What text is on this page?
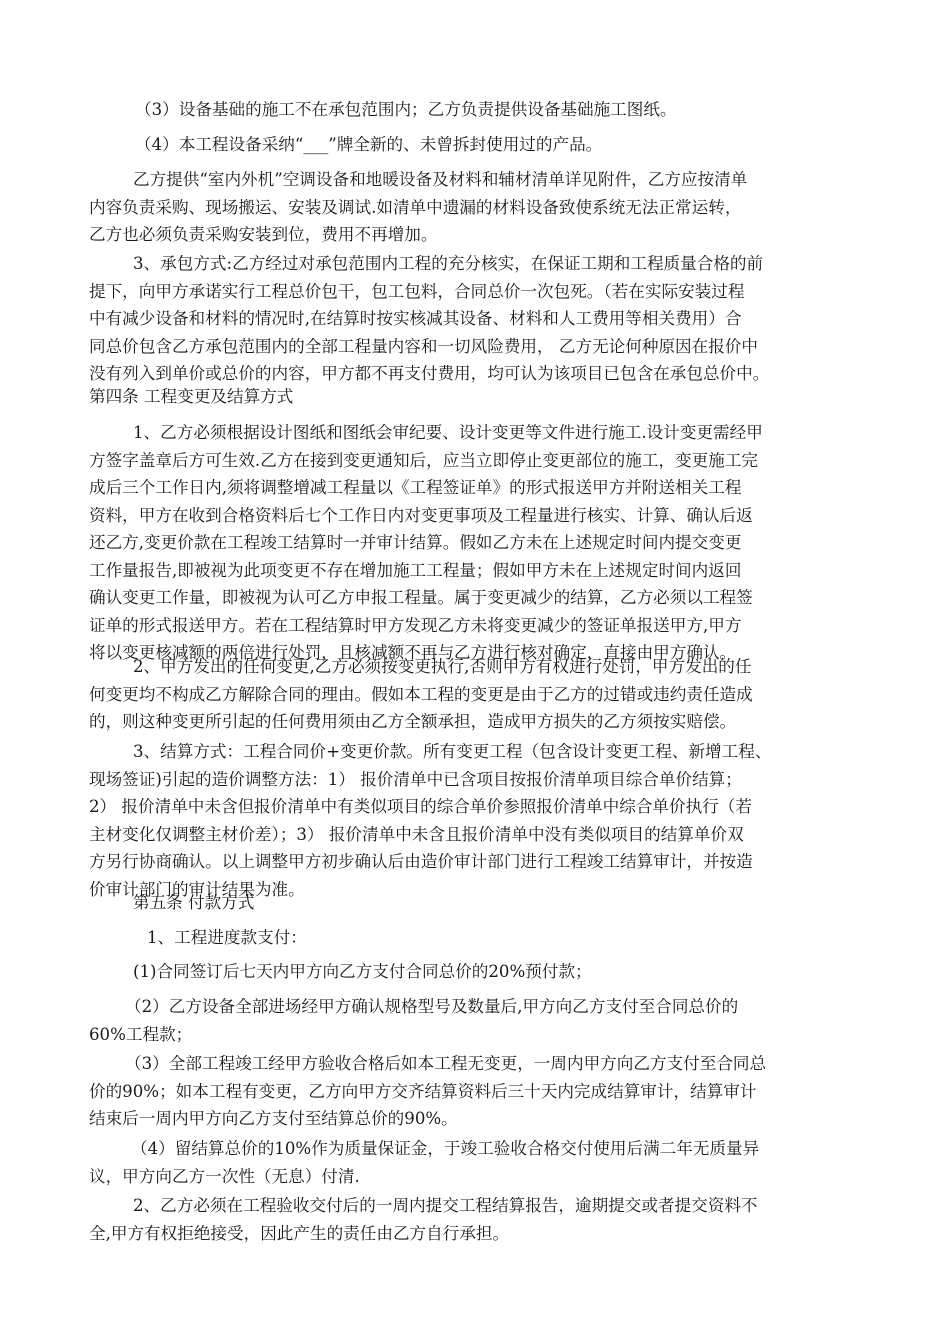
（3）设备基础的施工不在承包范围内；乙方负责提供设备基础施工图纸。
（4）本工程设备采纳“___”牌全新的、未曾拆封使用过的产品。
乙方提供“室内外机”空调设备和地暖设备及材料和辅材清单详见附件，乙方应按清单
内容负责采购、现场搬运、安装及调试.如清单中遗漏的材料设备致使系统无法正常运转，
乙方也必须负责采购安装到位，费用不再增加。
3、承包方式:乙方经过对承包范围内工程的充分核实，在保证工期和工程质量合格的前
提下，向甲方承诺实行工程总价包干，包工包料，合同总价一次包死。（若在实际安装过程
中有减少设备和材料的情况时,在结算时按实核减其设备、材料和人工费用等相关费用）合
同总价包含乙方承包范围内的全部工程量内容和一切风险费用， 乙方无论何种原因在报价中
没有列入到单价或总价的内容，甲方都不再支付费用，均可认为该项目已包含在承包总价中。
第四条 工程变更及结算方式
1、乙方必须根据设计图纸和图纸会审纪要、设计变更等文件进行施工.设计变更需经甲
方签字盖章后方可生效.乙方在接到变更通知后，应当立即停止变更部位的施工，变更施工完
成后三个工作日内,须将调整增减工程量以《工程签证单》的形式报送甲方并附送相关工程
资料，甲方在收到合格资料后七个工作日内对变更事项及工程量进行核实、计算、确认后返
还乙方,变更价款在工程竣工结算时一并审计结算。假如乙方未在上述规定时间内提交变更
工作量报告,即被视为此项变更不存在增加施工工程量；假如甲方未在上述规定时间内返回
确认变更工作量，即被视为认可乙方申报工程量。属于变更减少的结算，乙方必须以工程签
证单的形式报送甲方。若在工程结算时甲方发现乙方未将变更减少的签证单报送甲方,甲方
将以变更核减额的两倍进行处罚，且核减额不再与乙方进行核对确定，直接由甲方确认。
2、甲方发出的任何变更,乙方必须按变更执行,否则甲方有权进行处罚，甲方发出的任
何变更均不构成乙方解除合同的理由。假如本工程的变更是由于乙方的过错或违约责任造成
的，则这种变更所引起的任何费用须由乙方全额承担，造成甲方损失的乙方须按实赔偿。
3、结算方式：工程合同价+变更价款。所有变更工程（包含设计变更工程、新增工程、
现场签证)引起的造价调整方法：1） 报价清单中已含项目按报价清单项目综合单价结算；
2） 报价清单中未含但报价清单中有类似项目的综合单价参照报价清单中综合单价执行（若
主材变化仅调整主材价差）；3） 报价清单中未含且报价清单中没有类似项目的结算单价双
方另行协商确认。以上调整甲方初步确认后由造价审计部门进行工程竣工结算审计，并按造
价审计部门的审计结果为准。
第五条 付款方式
1、工程进度款支付：
(1)合同签订后七天内甲方向乙方支付合同总价的20%预付款；
（2）乙方设备全部进场经甲方确认规格型号及数量后,甲方向乙方支付至合同总价的
60%工程款；
（3）全部工程竣工经甲方验收合格后如本工程无变更，一周内甲方向乙方支付至合同总
价的90%；如本工程有变更，乙方向甲方交齐结算资料后三十天内完成结算审计，结算审计
结束后一周内甲方向乙方支付至结算总价的90%。
（4）留结算总价的10%作为质量保证金，于竣工验收合格交付使用后满二年无质量异
议，甲方向乙方一次性（无息）付清.
2、乙方必须在工程验收交付后的一周内提交工程结算报告，逾期提交或者提交资料不
全,甲方有权拒绝接受，因此产生的责任由乙方自行承担。
